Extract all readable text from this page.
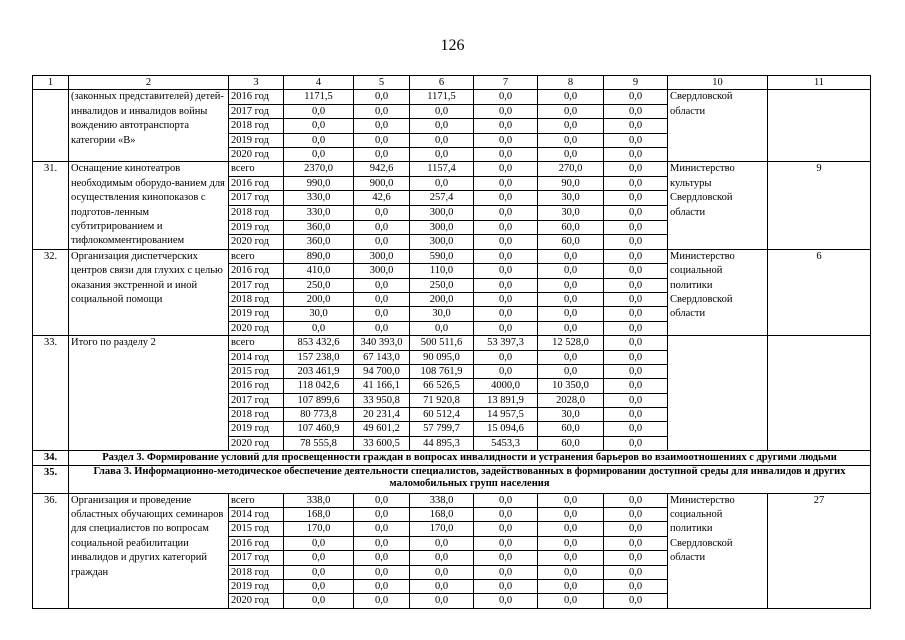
126
1	2	3	4	5	6	7	8	9	10	11
	(законных представителей) детей-инвалидов и инвалидов войны вождению автотранспорта категории «В»	2016 год	1171,5	0,0	1171,5	0,0	0,0	0,0	Свердловской области	
		2017 год	0,0	0,0	0,0	0,0	0,0	0,0		
		2018 год	0,0	0,0	0,0	0,0	0,0	0,0		
		2019 год	0,0	0,0	0,0	0,0	0,0	0,0		
		2020 год	0,0	0,0	0,0	0,0	0,0	0,0		
31.	Оснащение кинотеатров необходимым оборудо-ванием для осуществления кинопоказов с подготов-ленным субтитрированием и тифлокомментированием	всего	2370,0	942,6	1157,4	0,0	270,0	0,0	Министерство культуры Свердловской области	9
		2016 год	990,0	900,0	0,0	0,0	90,0	0,0		
		2017 год	330,0	42,6	257,4	0,0	30,0	0,0		
		2018 год	330,0	0,0	300,0	0,0	30,0	0,0		
		2019 год	360,0	0,0	300,0	0,0	60,0	0,0		
		2020 год	360,0	0,0	300,0	0,0	60,0	0,0		
32.	Организация диспетчерских центров связи для глухих с целью оказания экстренной и иной социальной помощи	всего	890,0	300,0	590,0	0,0	0,0	0,0	Министерство социальной политики Свердловской области	6
		2016 год	410,0	300,0	110,0	0,0	0,0	0,0		
		2017 год	250,0	0,0	250,0	0,0	0,0	0,0		
		2018 год	200,0	0,0	200,0	0,0	0,0	0,0		
		2019 год	30,0	0,0	30,0	0,0	0,0	0,0		
		2020 год	0,0	0,0	0,0	0,0	0,0	0,0		
33.	Итого по разделу 2	всего	853 432,6	340 393,0	500 511,6	53 397,3	12 528,0	0,0		
		2014 год	157 238,0	67 143,0	90 095,0	0,0	0,0	0,0		
		2015 год	203 461,9	94 700,0	108 761,9	0,0	0,0	0,0		
		2016 год	118 042,6	41 166,1	66 526,5	4000,0	10 350,0	0,0		
		2017 год	107 899,6	33 950,8	71 920,8	13 891,9	2028,0	0,0		
		2018 год	80 773,8	20 231,4	60 512,4	14 957,5	30,0	0,0		
		2019 год	107 460,9	49 601,2	57 799,7	15 094,6	60,0	0,0		
		2020 год	78 555,8	33 600,5	44 895,3	5453,3	60,0	0,0		
34.	Раздел 3. Формирование условий для просвещенности граждан в вопросах инвалидности и устранения барьеров во взаимоотношениях с другими людьми									
35.	Глава 3. Информационно-методическое обеспечение деятельности специалистов, задействованных в формировании доступной среды для инвалидов и других маломобильных групп населения									
36.	Организация и проведение областных обучающих семинаров для специалистов по вопросам социальной реабилитации инвалидов и других категорий граждан	всего	338,0	0,0	338,0	0,0	0,0	0,0	Министерство социальной политики Свердловской области	27
		2014 год	168,0	0,0	168,0	0,0	0,0	0,0		
		2015 год	170,0	0,0	170,0	0,0	0,0	0,0		
		2016 год	0,0	0,0	0,0	0,0	0,0	0,0		
		2017 год	0,0	0,0	0,0	0,0	0,0	0,0		
		2018 год	0,0	0,0	0,0	0,0	0,0	0,0		
		2019 год	0,0	0,0	0,0	0,0	0,0	0,0		
		2020 год	0,0	0,0	0,0	0,0	0,0	0,0		
